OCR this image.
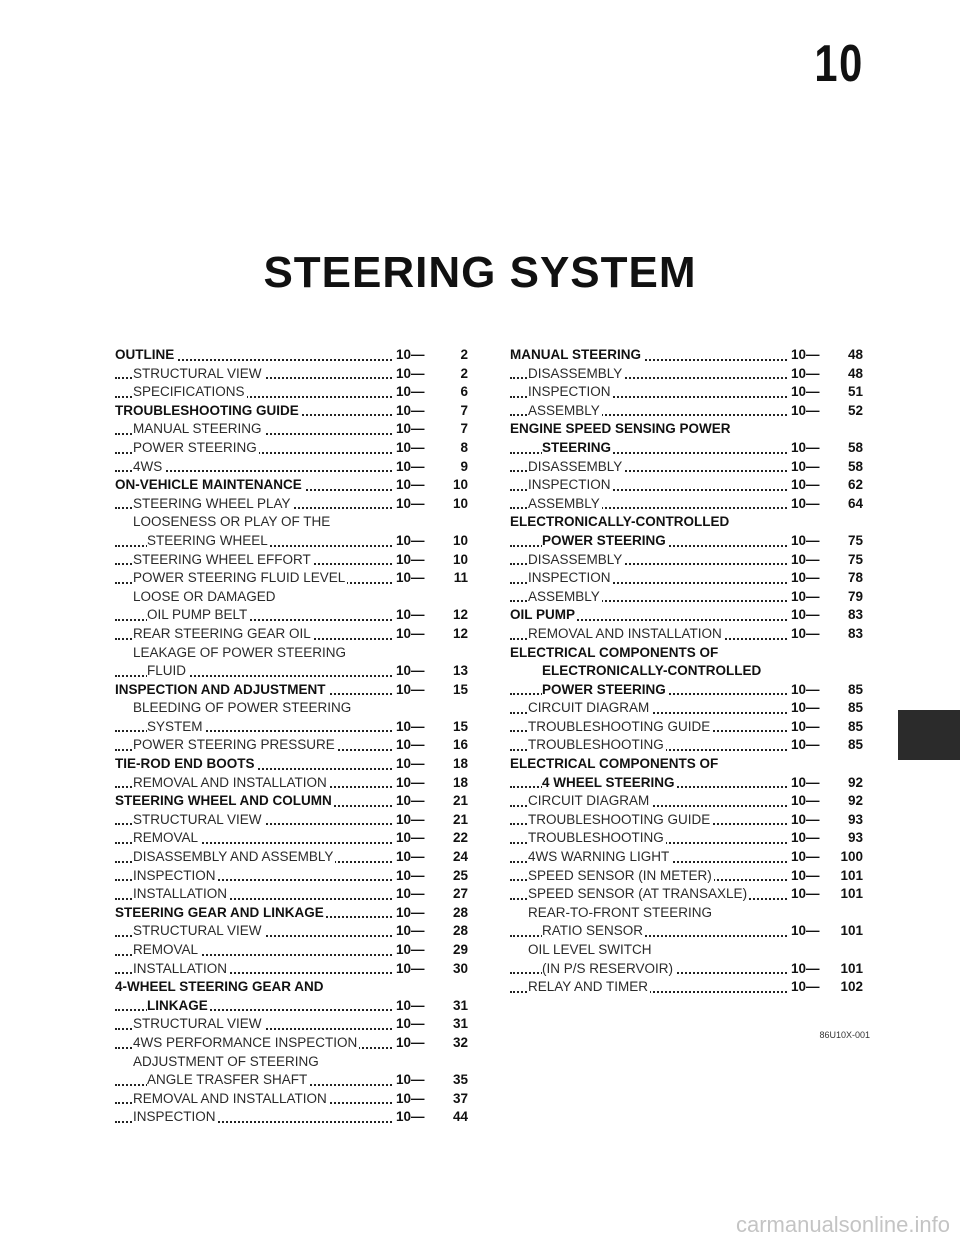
10
STEERING SYSTEM
OUTLINE	10—	2
STRUCTURAL VIEW	10—	2
SPECIFICATIONS	10—	6
TROUBLESHOOTING GUIDE	10—	7
MANUAL STEERING	10—	7
POWER STEERING	10—	8
4WS	10—	9
ON-VEHICLE MAINTENANCE	10— 10
STEERING WHEEL PLAY	10— 10
LOOSENESS OR PLAY OF THE
STEERING WHEEL	10— 10
STEERING WHEEL EFFORT	10— 10
POWER STEERING FLUID LEVEL	10— 11
LOOSE OR DAMAGED
OIL PUMP BELT	10— 12
REAR STEERING GEAR OIL	10— 12
LEAKAGE OF POWER STEERING
FLUID	10— 13
INSPECTION AND ADJUSTMENT	10— 15
BLEEDING OF POWER STEERING
SYSTEM	10— 15
POWER STEERING PRESSURE	10— 16
TIE-ROD END BOOTS	10— 18
REMOVAL AND INSTALLATION	10— 18
STEERING WHEEL AND COLUMN	10— 21
STRUCTURAL VIEW	10— 21
REMOVAL	10— 22
DISASSEMBLY AND ASSEMBLY	10— 24
INSPECTION	10— 25
INSTALLATION	10— 27
STEERING GEAR AND LINKAGE	10— 28
STRUCTURAL VIEW	10— 28
REMOVAL	10— 29
INSTALLATION	10— 30
4-WHEEL STEERING GEAR AND
LINKAGE	10— 31
STRUCTURAL VIEW	10— 31
4WS PERFORMANCE INSPECTION	10— 32
ADJUSTMENT OF STEERING
ANGLE TRASFER SHAFT	10— 35
REMOVAL AND INSTALLATION	10— 37
INSPECTION	10— 44
MANUAL STEERING	10— 48
DISASSEMBLY	10— 48
INSPECTION	10— 51
ASSEMBLY	10— 52
ENGINE SPEED SENSING POWER
STEERING	10— 58
DISASSEMBLY	10— 58
INSPECTION	10— 62
ASSEMBLY	10— 64
ELECTRONICALLY-CONTROLLED
POWER STEERING	10— 75
DISASSEMBLY	10— 75
INSPECTION	10— 78
ASSEMBLY	10— 79
OIL PUMP	10— 83
REMOVAL AND INSTALLATION	10— 83
ELECTRICAL COMPONENTS OF
ELECTRONICALLY-CONTROLLED
POWER STEERING	10— 85
CIRCUIT DIAGRAM	10— 85
TROUBLESHOOTING GUIDE	10— 85
TROUBLESHOOTING	10— 85
ELECTRICAL COMPONENTS OF
4 WHEEL STEERING	10— 92
CIRCUIT DIAGRAM	10— 92
TROUBLESHOOTING GUIDE	10— 93
TROUBLESHOOTING	10— 93
4WS WARNING LIGHT	10— 100
SPEED SENSOR (IN METER)	10— 101
SPEED SENSOR (AT TRANSAXLE)	10— 101
REAR-TO-FRONT STEERING
RATIO SENSOR	10— 101
OIL LEVEL SWITCH
(IN P/S RESERVOIR)	10— 101
RELAY AND TIMER	10— 102
86U10X-001
carmanualsonline.info
